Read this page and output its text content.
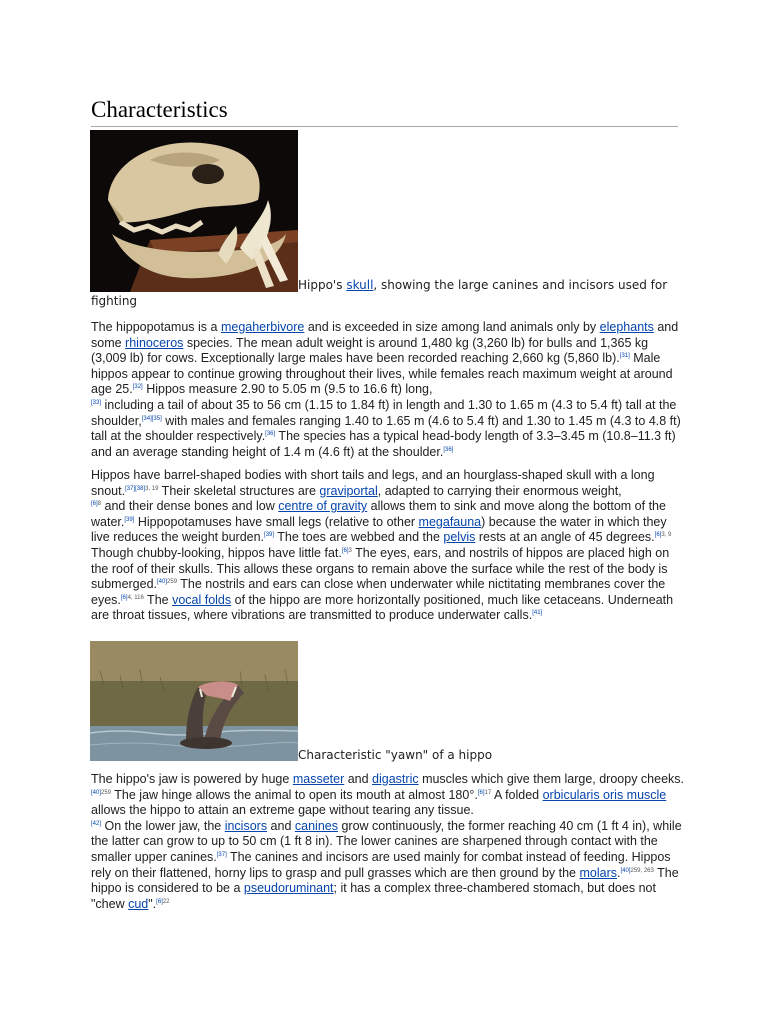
Characteristics
Hippo's skull, showing the large canines and incisors used for
fighting

The hippopotamus is a megaherbivore and is exceeded in size among land animals only by elephants and some rhinoceros species. The mean adult weight is around 1,480 kg (3,260 lb) for bulls and 1,365 kg (3,009 lb) for cows. Exceptionally large males have been recorded reaching 2,660 kg (5,860 lb).[31] Male hippos appear to continue growing throughout their lives, while females reach maximum weight at around age 25.[32] Hippos measure 2.90 to 5.05 m (9.5 to 16.6 ft) long,
[33] including a tail of about 35 to 56 cm (1.15 to 1.84 ft) in length and 1.30 to 1.65 m (4.3 to 5.4 ft) tall at the shoulder,[34][35] with males and females ranging 1.40 to 1.65 m (4.6 to 5.4 ft) and 1.30 to 1.45 m (4.3 to 4.8 ft) tall at the shoulder respectively.[36] The species has a typical head-body length of 3.3–3.45 m (10.8–11.3 ft) and an average standing height of 1.4 m (4.6 ft) at the shoulder.[36]

Hippos have barrel-shaped bodies with short tails and legs, and an hourglass-shaped skull with a long snout.$^{[37][38]3, 19}$ Their skeletal structures are graviportal, adapted to carrying their enormous weight,
$^{[6]8}$ and their dense bones and low centre of gravity allows them to sink and move along the bottom of the water.[39] Hippopotamuses have small legs (relative to other megafauna) because the water in which they live reduces the weight burden.[39] The toes are webbed and the pelvis rests at an angle of 45 degrees.$^{[6]3, 9}$ Though chubby-looking, hippos have little fat.$^{[6]3}$ The eyes, ears, and nostrils of hippos are placed high on the roof of their skulls. This allows these organs to remain above the surface while the rest of the body is submerged.$^{[40]259}$ The nostrils and ears can close when underwater while nictitating membranes cover the eyes.$^{[6]4, 116}$ The vocal folds of the hippo are more horizontally positioned, much like cetaceans. Underneath are throat tissues, where vibrations are transmitted to produce underwater calls.[41]

Characteristic "yawn" of a hippo

The hippo's jaw is powered by huge masseter and digastric muscles which give them large, droopy cheeks.$^{[40]259}$ The jaw hinge allows the animal to open its mouth at almost 180°.$^{[6]17}$ A folded orbicularis oris muscle allows the hippo to attain an extreme gape without tearing any tissue.
[42] On the lower jaw, the incisors and canines grow continuously, the former reaching 40 cm (1 ft 4 in), while the latter can grow to up to 50 cm (1 ft 8 in). The lower canines are sharpened through contact with the smaller upper canines.[37] The canines and incisors are used mainly for combat instead of feeding. Hippos rely on their flattened, horny lips to grasp and pull grasses which are then ground by the molars.$^{[40]259, 263}$ The hippo is considered to be a pseudoruminant; it has a complex three-chambered stomach, but does not "chew cud".$^{[6]22}$
